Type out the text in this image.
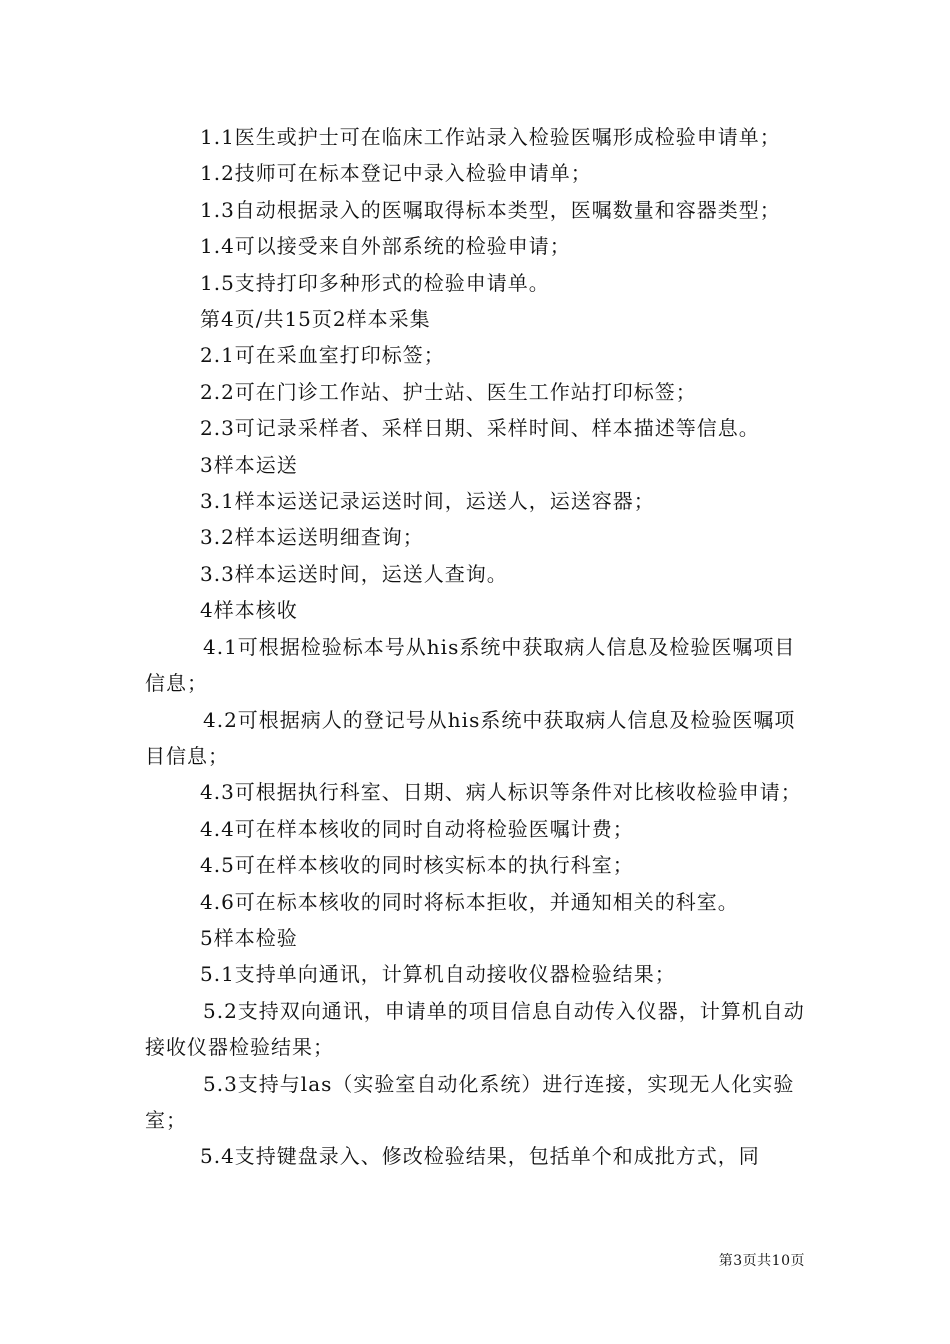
1.1医生或护士可在临床工作站录入检验医嘱形成检验申请单；

1.2技师可在标本登记中录入检验申请单；

1.3自动根据录入的医嘱取得标本类型，医嘱数量和容器类型；

1.4可以接受来自外部系统的检验申请；

1.5支持打印多种形式的检验申请单。

第4页/共15页2样本采集

2.1可在采血室打印标签；

2.2可在门诊工作站、护士站、医生工作站打印标签；

2.3可记录采样者、采样日期、采样时间、样本描述等信息。

3样本运送

3.1样本运送记录运送时间，运送人，运送容器；

3.2样本运送明细查询；

3.3样本运送时间，运送人查询。

4样本核收

4.1可根据检验标本号从his系统中获取病人信息及检验医嘱项目信息；

4.2可根据病人的登记号从his系统中获取病人信息及检验医嘱项目信息；

4.3可根据执行科室、日期、病人标识等条件对比核收检验申请；

4.4可在样本核收的同时自动将检验医嘱计费；

4.5可在样本核收的同时核实标本的执行科室；

4.6可在标本核收的同时将标本拒收，并通知相关的科室。

5样本检验

5.1支持单向通讯，计算机自动接收仪器检验结果；

5.2支持双向通讯，申请单的项目信息自动传入仪器，计算机自动接收仪器检验结果；

5.3支持与las（实验室自动化系统）进行连接，实现无人化实验室；

5.4支持键盘录入、修改检验结果，包括单个和成批方式，同

第3页共10页
